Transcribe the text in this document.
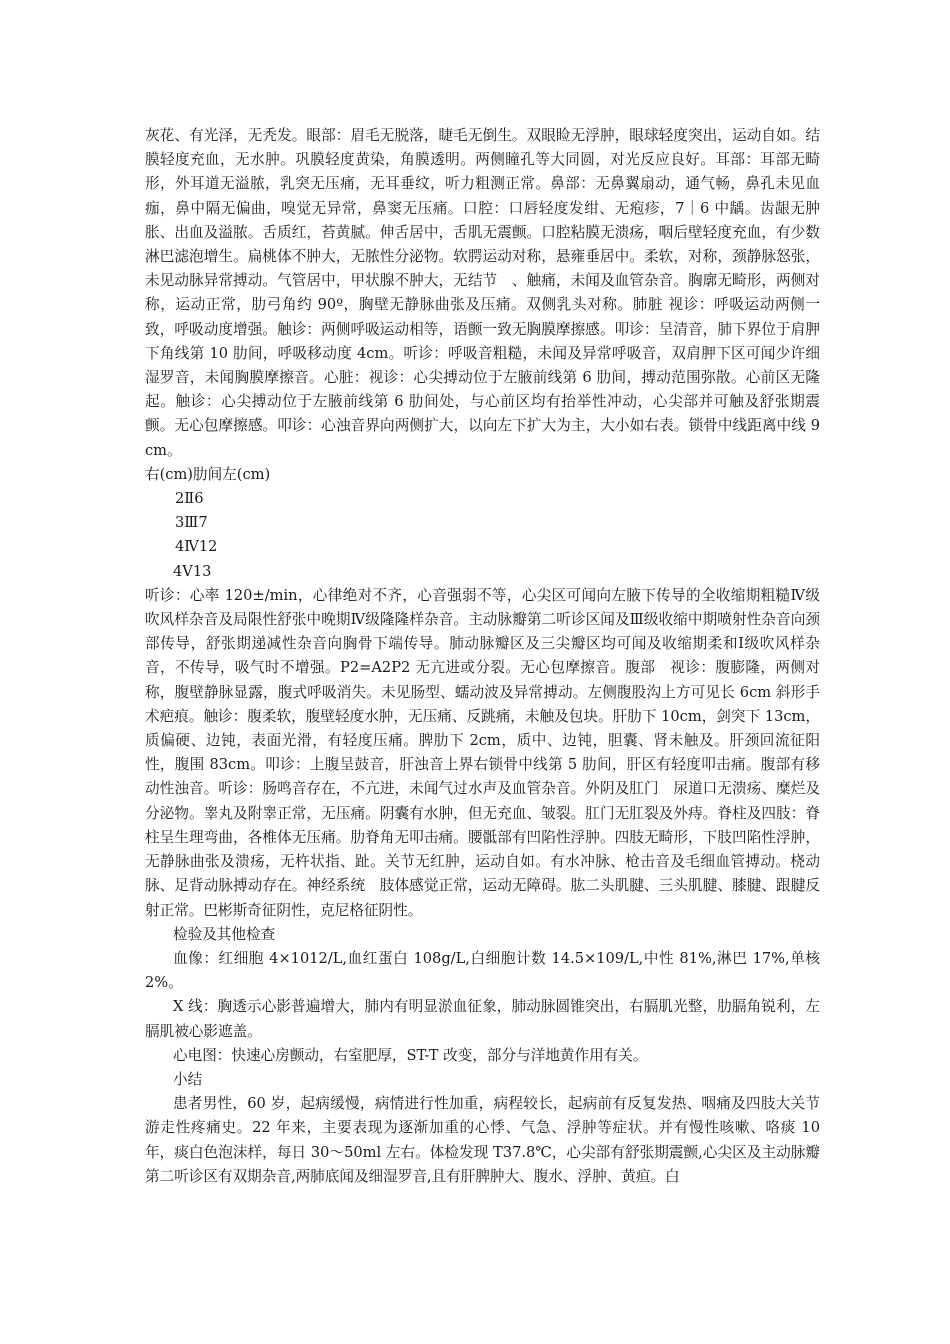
灰花、有光泽，无秃发。眼部：眉毛无脱落，睫毛无倒生。双眼睑无浮肿，眼球轻度突出，运动自如。结膜轻度充血，无水肿。巩膜轻度黄染，角膜透明。两侧瞳孔等大同圆，对光反应良好。耳部：耳部无畸形，外耳道无溢脓，乳突无压痛，无耳垂纹，听力粗测正常。鼻部：无鼻翼扇动，通气畅，鼻孔未见血痂，鼻中隔无偏曲，嗅觉无异常，鼻窦无压痛。口腔：口唇轻度发绀、无疱疹，7｜6 中龋。齿龈无肿胀、出血及溢脓。舌质红，苔黄腻。伸舌居中，舌肌无震颤。口腔粘膜无溃疡，咽后壁轻度充血，有少数淋巴滤泡增生。扁桃体不肿大，无脓性分泌物。软腭运动对称，悬雍垂居中。柔软，对称，颈静脉怒张，未见动脉异常搏动。气管居中，甲状腺不肿大，无结节　、触痛，未闻及血管杂音。胸廓无畸形，两侧对称，运动正常，肋弓角约 90º，胸壁无静脉曲张及压痛。双侧乳头对称。肺脏 视诊：呼吸运动两侧一致，呼吸动度增强。触诊：两侧呼吸运动相等，语颤一致无胸膜摩擦感。叩诊：呈清音，肺下界位于肩胛下角线第 10 肋间，呼吸移动度 4cm。听诊：呼吸音粗糙，未闻及异常呼吸音，双肩胛下区可闻少许细湿罗音，未闻胸膜摩擦音。心脏：视诊：心尖搏动位于左腋前线第 6 肋间，搏动范围弥散。心前区无隆起。触诊：心尖搏动位于左腋前线第 6 肋间处，与心前区均有抬举性冲动，心尖部并可触及舒张期震颤。无心包摩擦感。叩诊：心浊音界向两侧扩大，以向左下扩大为主，大小如右表。锁骨中线距离中线 9cm。

右(cm)肋间左(cm)

2Ⅱ6

3Ⅲ7

4Ⅳ12

4Ⅴ13

听诊：心率 120±/min，心律绝对不齐，心音强弱不等，心尖区可闻向左腋下传导的全收缩期粗糙Ⅳ级吹风样杂音及局限性舒张中晚期Ⅳ级隆隆样杂音。主动脉瓣第二听诊区闻及Ⅲ级收缩中期喷射性杂音向颈部传导，舒张期递减性杂音向胸骨下端传导。肺动脉瓣区及三尖瓣区均可闻及收缩期柔和Ⅰ级吹风样杂音，不传导，吸气时不增强。P2=A2P2 无亢进或分裂。无心包摩擦音。腹部　视诊：腹膨隆，两侧对称，腹壁静脉显露，腹式呼吸消失。未见肠型、蠕动波及异常搏动。左侧腹股沟上方可见长 6cm 斜形手术疤痕。触诊：腹柔软，腹壁轻度水肿，无压痛、反跳痛，未触及包块。肝肋下 10cm，剑突下 13cm，质偏硬、边钝，表面光滑，有轻度压痛。脾肋下 2cm，质中、边钝，胆囊、肾未触及。肝颈回流征阳性，腹围 83cm。叩诊：上腹呈鼓音，肝浊音上界右锁骨中线第 5 肋间，肝区有轻度叩击痛。腹部有移动性浊音。听诊：肠鸣音存在，不亢进，未闻气过水声及血管杂音。外阴及肛门　尿道口无溃疡、糜烂及分泌物。睾丸及附睾正常，无压痛。阴囊有水肿，但无充血、皱裂。肛门无肛裂及外痔。脊柱及四肢：脊柱呈生理弯曲，各椎体无压痛。肋脊角无叩击痛。腰骶部有凹陷性浮肿。四肢无畸形，下肢凹陷性浮肿，无静脉曲张及溃疡，无杵状指、趾。关节无红肿，运动自如。有水冲脉、枪击音及毛细血管搏动。桡动脉、足背动脉搏动存在。神经系统　肢体感觉正常，运动无障碍。肱二头肌腱、三头肌腱、膝腱、跟腱反射正常。巴彬斯奇征阴性，克尼格征阴性。

检验及其他检查

血像：红细胞 4×1012/L,血红蛋白 108g/L,白细胞计数 14.5×109/L,中性 81%,淋巴 17%,单核 2%。

X 线：胸透示心影普遍增大，肺内有明显淤血征象，肺动脉圆锥突出，右膈肌光整，肋膈角锐利，左膈肌被心影遮盖。

心电图：快速心房颤动，右室肥厚，ST-T 改变，部分与洋地黄作用有关。

小结

患者男性，60 岁，起病缓慢，病情进行性加重，病程较长，起病前有反复发热、咽痛及四肢大关节游走性疼痛史。22 年来，主要表现为逐渐加重的心悸、气急、浮肿等症状。并有慢性咳嗽、咯痰 10 年，痰白色泡沫样，每日 30～50ml 左右。体检发现 T37.8℃，心尖部有舒张期震颤,心尖区及主动脉瓣第二听诊区有双期杂音,两肺底闻及细湿罗音,且有肝脾肿大、腹水、浮肿、黄疸。白
